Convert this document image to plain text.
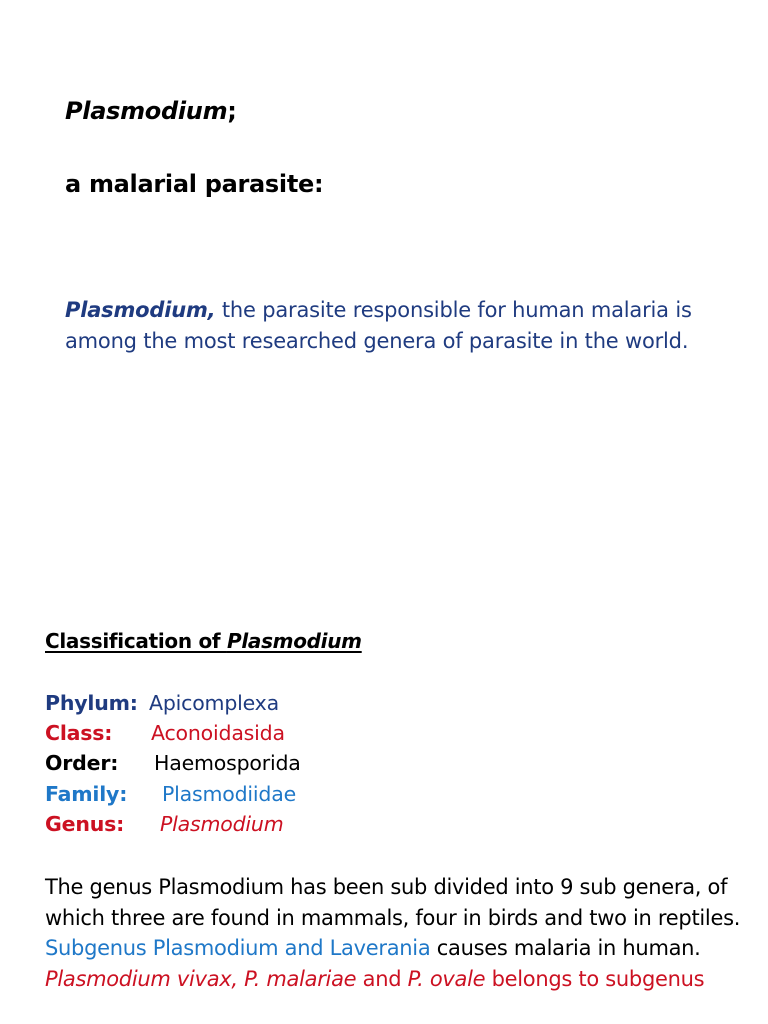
Plasmodium;
a malarial parasite:
Plasmodium, the parasite responsible for human malaria is among the most researched genera of parasite in the world.
Classification of Plasmodium
Phylum: Apicomplexa
Class: Aconoidasida
Order: Haemosporida
Family: Plasmodiidae
Genus: Plasmodium
The genus Plasmodium has been sub divided into 9 sub genera, of which three are found in mammals, four in birds and two in reptiles.
Subgenus Plasmodium and Laverania causes malaria in human.
Plasmodium vivax, P. malariae and P. ovale belongs to subgenus
